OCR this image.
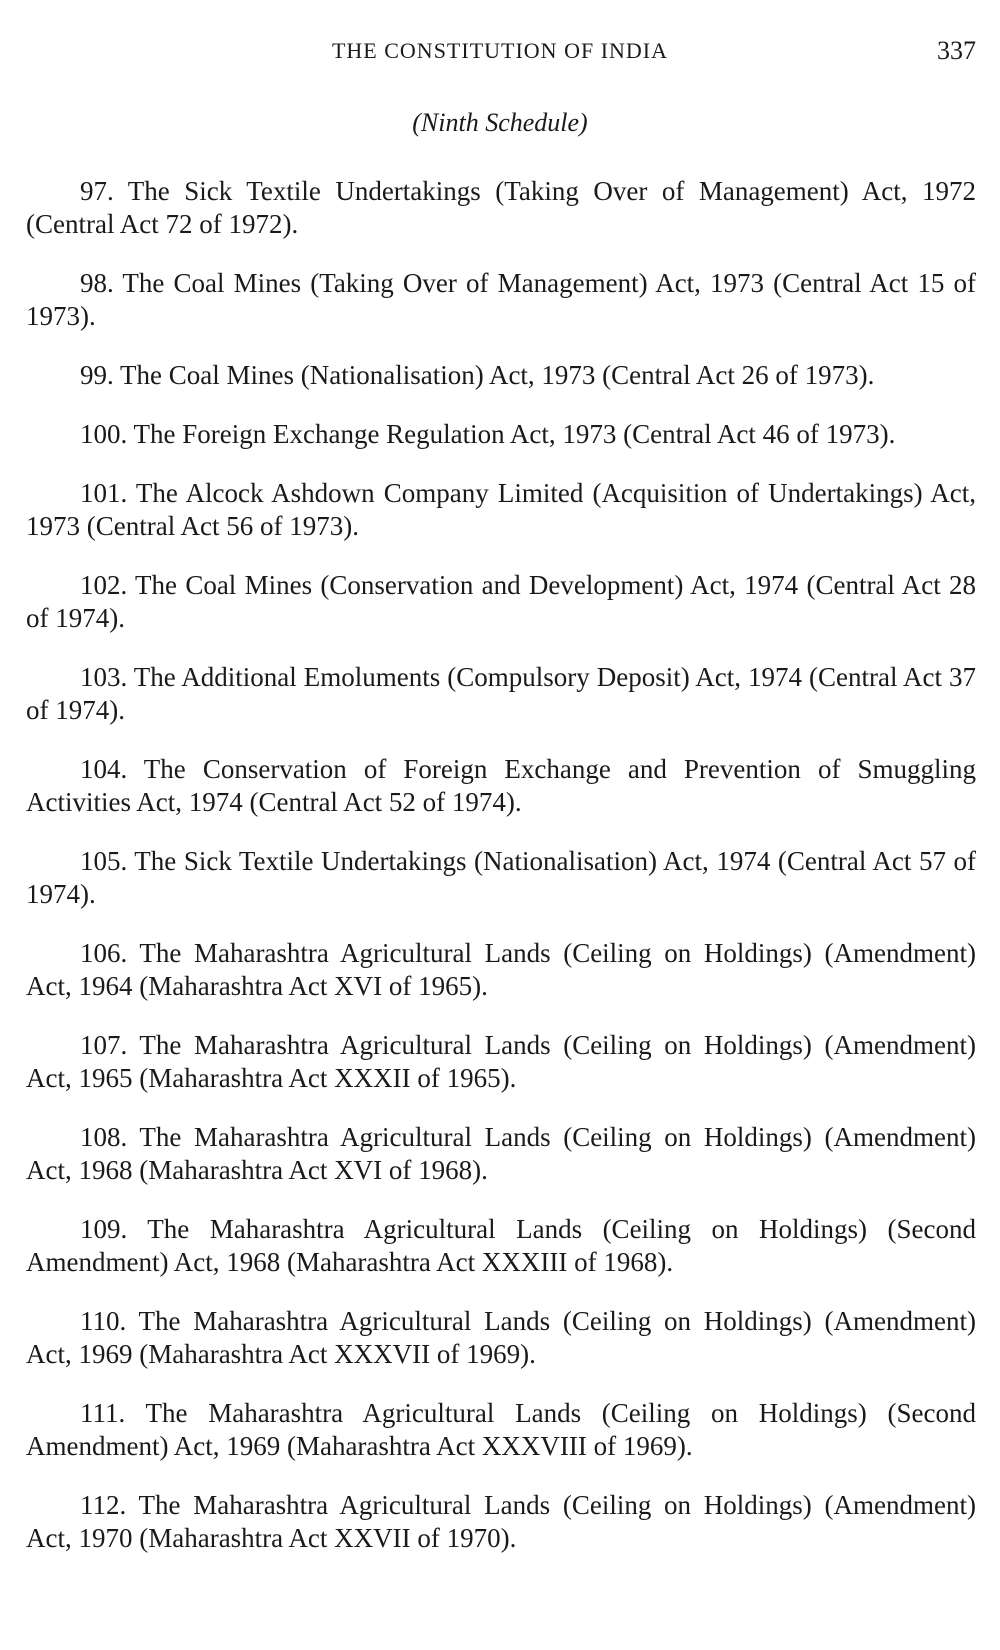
THE CONSTITUTION OF INDIA	337
(Ninth Schedule)

97. The Sick Textile Undertakings (Taking Over of Management) Act, 1972 (Central Act 72 of 1972).

98. The Coal Mines (Taking Over of Management) Act, 1973 (Central Act 15 of 1973).

99. The Coal Mines (Nationalisation) Act, 1973 (Central Act 26 of 1973).

100. The Foreign Exchange Regulation Act, 1973 (Central Act 46 of 1973).

101. The Alcock Ashdown Company Limited (Acquisition of Undertakings) Act, 1973 (Central Act 56 of 1973).

102. The Coal Mines (Conservation and Development) Act, 1974 (Central Act 28 of 1974).

103. The Additional Emoluments (Compulsory Deposit) Act, 1974 (Central Act 37 of 1974).

104. The Conservation of Foreign Exchange and Prevention of Smuggling Activities Act, 1974 (Central Act 52 of 1974).

105. The Sick Textile Undertakings (Nationalisation) Act, 1974 (Central Act 57 of 1974).

106. The Maharashtra Agricultural Lands (Ceiling on Holdings) (Amendment) Act, 1964 (Maharashtra Act XVI of 1965).

107. The Maharashtra Agricultural Lands (Ceiling on Holdings) (Amendment) Act, 1965 (Maharashtra Act XXXII of 1965).

108. The Maharashtra Agricultural Lands (Ceiling on Holdings) (Amendment) Act, 1968 (Maharashtra Act XVI of 1968).

109. The Maharashtra Agricultural Lands (Ceiling on Holdings) (Second Amendment) Act, 1968 (Maharashtra Act XXXIII of 1968).

110. The Maharashtra Agricultural Lands (Ceiling on Holdings) (Amendment) Act, 1969 (Maharashtra Act XXXVII of 1969).

111. The Maharashtra Agricultural Lands (Ceiling on Holdings) (Second Amendment) Act, 1969 (Maharashtra Act XXXVIII of 1969).

112. The Maharashtra Agricultural Lands (Ceiling on Holdings) (Amendment) Act, 1970 (Maharashtra Act XXVII of 1970).
